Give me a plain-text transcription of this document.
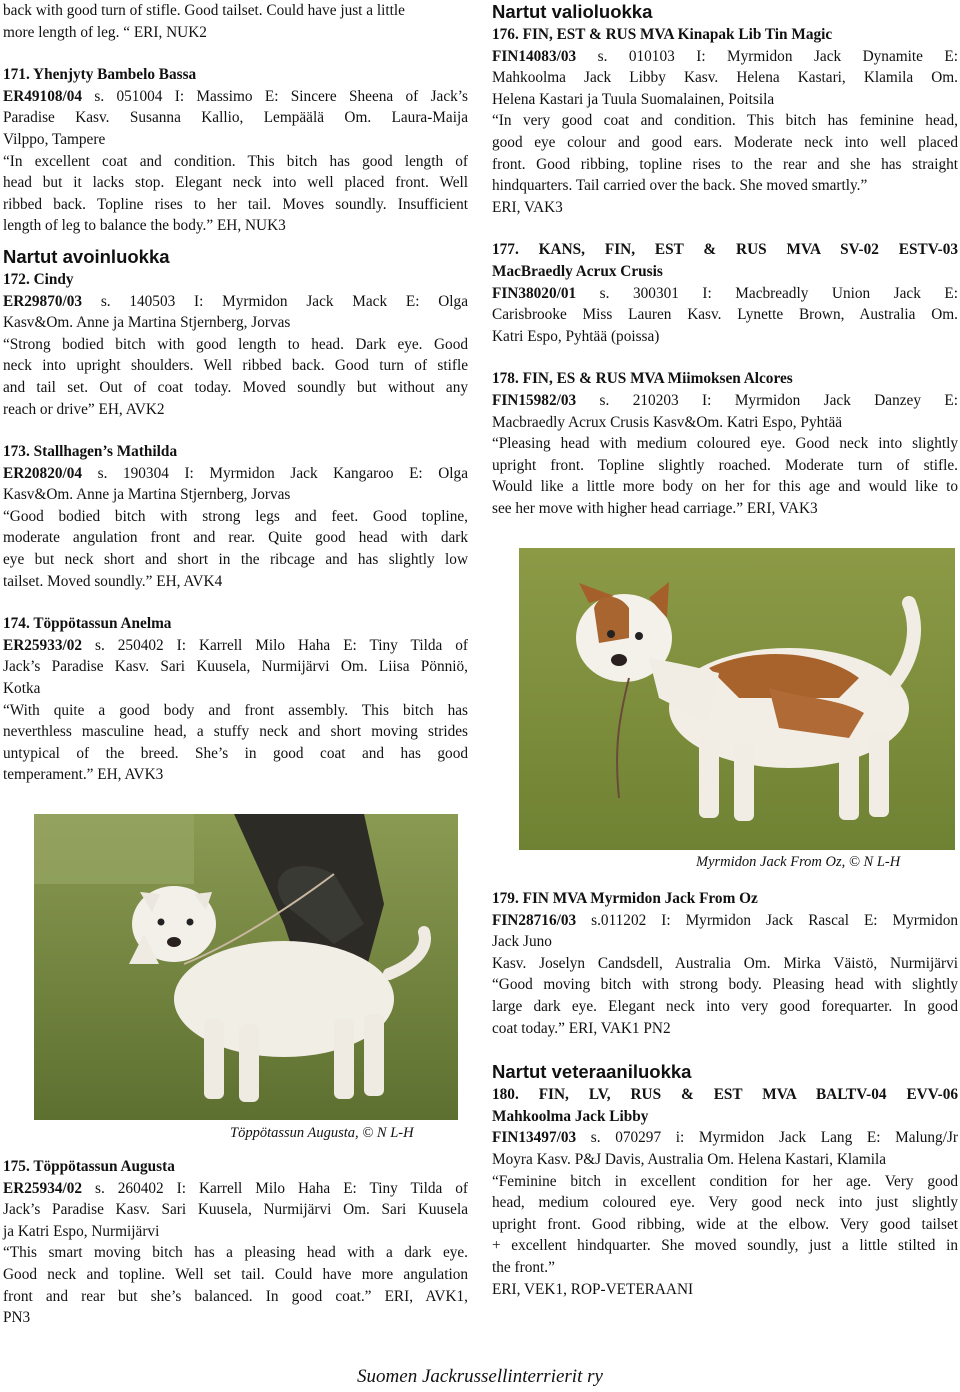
back with good turn of stifle. Good tailset. Could have just a little
more length of leg. “ ERI, NUK2
171. Yhenjyty Bambelo Bassa
ER49108/04 s. 051004 I: Massimo E: Sincere Sheena of Jack’s
Paradise Kasv. Susanna Kallio, Lempäälä Om. Laura-Maija
Vilppo, Tampere
“In excellent coat and condition. This bitch has good length of
head but it lacks stop. Elegant neck into well placed front. Well
ribbed back. Topline rises to her tail. Moves soundly. Insufficient
length of leg to balance the body.” EH, NUK3
Nartut avoinluokka
172. Cindy
ER29870/03 s. 140503 I: Myrmidon Jack Mack E: Olga
Kasv&Om. Anne ja Martina Stjernberg, Jorvas
“Strong bodied bitch with good length to head. Dark eye. Good
neck into upright shoulders. Well ribbed back. Good turn of stifle
and tail set. Out of coat today. Moved soundly but without any
reach or drive” EH, AVK2
173. Stallhagen’s Mathilda
ER20820/04 s. 190304 I: Myrmidon Jack Kangaroo E: Olga
Kasv&Om. Anne ja Martina Stjernberg, Jorvas
“Good bodied bitch with strong legs and feet. Good topline,
moderate angulation front and rear. Quite good head with dark
eye but neck short and short in the ribcage and has slightly low
tailset. Moved soundly.” EH, AVK4
174. Töppötassun Anelma
ER25933/02 s. 250402 I: Karrell Milo Haha E: Tiny Tilda of
Jack’s Paradise Kasv. Sari Kuusela, Nurmijärvi Om. Liisa Pönniö,
Kotka
“With quite a good body and front assembly. This bitch has
neverthless masculine head, a stuffy neck and short moving strides
untypical of the breed. She’s in good coat and has good
temperament.” EH, AVK3
Töppötassun Augusta, © N L-H
175. Töppötassun Augusta
ER25934/02 s. 260402 I: Karrell Milo Haha E: Tiny Tilda of
Jack’s Paradise Kasv. Sari Kuusela, Nurmijärvi Om. Sari Kuusela
ja Katri Espo, Nurmijärvi
“This smart moving bitch has a pleasing head with a dark eye.
Good neck and topline. Well set tail. Could have more angulation
front and rear but she’s balanced. In good coat.” ERI, AVK1,
PN3
Nartut valioluokka
176. FIN, EST & RUS MVA Kinapak Lib Tin Magic
FIN14083/03 s. 010103 I: Myrmidon Jack Dynamite E:
Mahkoolma Jack Libby Kasv. Helena Kastari, Klamila Om.
Helena Kastari ja Tuula Suomalainen, Poitsila
“In very good coat and condition. This bitch has feminine head,
good eye colour and good ears. Moderate neck into well placed
front. Good ribbing, topline rises to the rear and she has straight
hindquarters. Tail carried over the back. She moved smartly.”
ERI, VAK3
177. KANS, FIN, EST & RUS MVA SV-02 ESTV-03
MacBraedly Acrux Crusis
FIN38020/01 s. 300301 I: Macbreadly Union Jack E:
Carisbrooke Miss Lauren Kasv. Lynette Brown, Australia Om.
Katri Espo, Pyhtää (poissa)
178. FIN, ES & RUS MVA Miimoksen Alcores
FIN15982/03 s. 210203 I: Myrmidon Jack Danzey E:
Macbraedly Acrux Crusis Kasv&Om. Katri Espo, Pyhtää
“Pleasing head with medium coloured eye. Good neck into slightly
upright front. Topline slightly roached. Moderate turn of stifle.
Would like a little more body on her for this age and would like to
see her move with higher head carriage.” ERI, VAK3
Myrmidon Jack From Oz, © N L-H
179. FIN MVA Myrmidon Jack From Oz
FIN28716/03 s.011202 I: Myrmidon Jack Rascal E: Myrmidon
Jack Juno
Kasv. Joselyn Candsdell, Australia Om. Mirka Väistö, Nurmijärvi
“Good moving bitch with strong body. Pleasing head with slightly
large dark eye. Elegant neck into very good forequarter. In good
coat today.” ERI, VAK1 PN2
Nartut veteraaniluokka
180. FIN, LV, RUS & EST MVA BALTV-04 EVV-06
Mahkoolma Jack Libby
FIN13497/03 s. 070297 i: Myrmidon Jack Lang E: Malung/Jr
Moyra Kasv. P&J Davis, Australia Om. Helena Kastari, Klamila
“Feminine bitch in excellent condition for her age. Very good
head, medium coloured eye. Very good neck into just slightly
upright front. Good ribbing, wide at the elbow. Very good tailset
+ excellent hindquarter. She moved soundly, just a little stilted in
the front.”
ERI, VEK1, ROP-VETERAANI
Suomen Jackrussellinterrierit ry
